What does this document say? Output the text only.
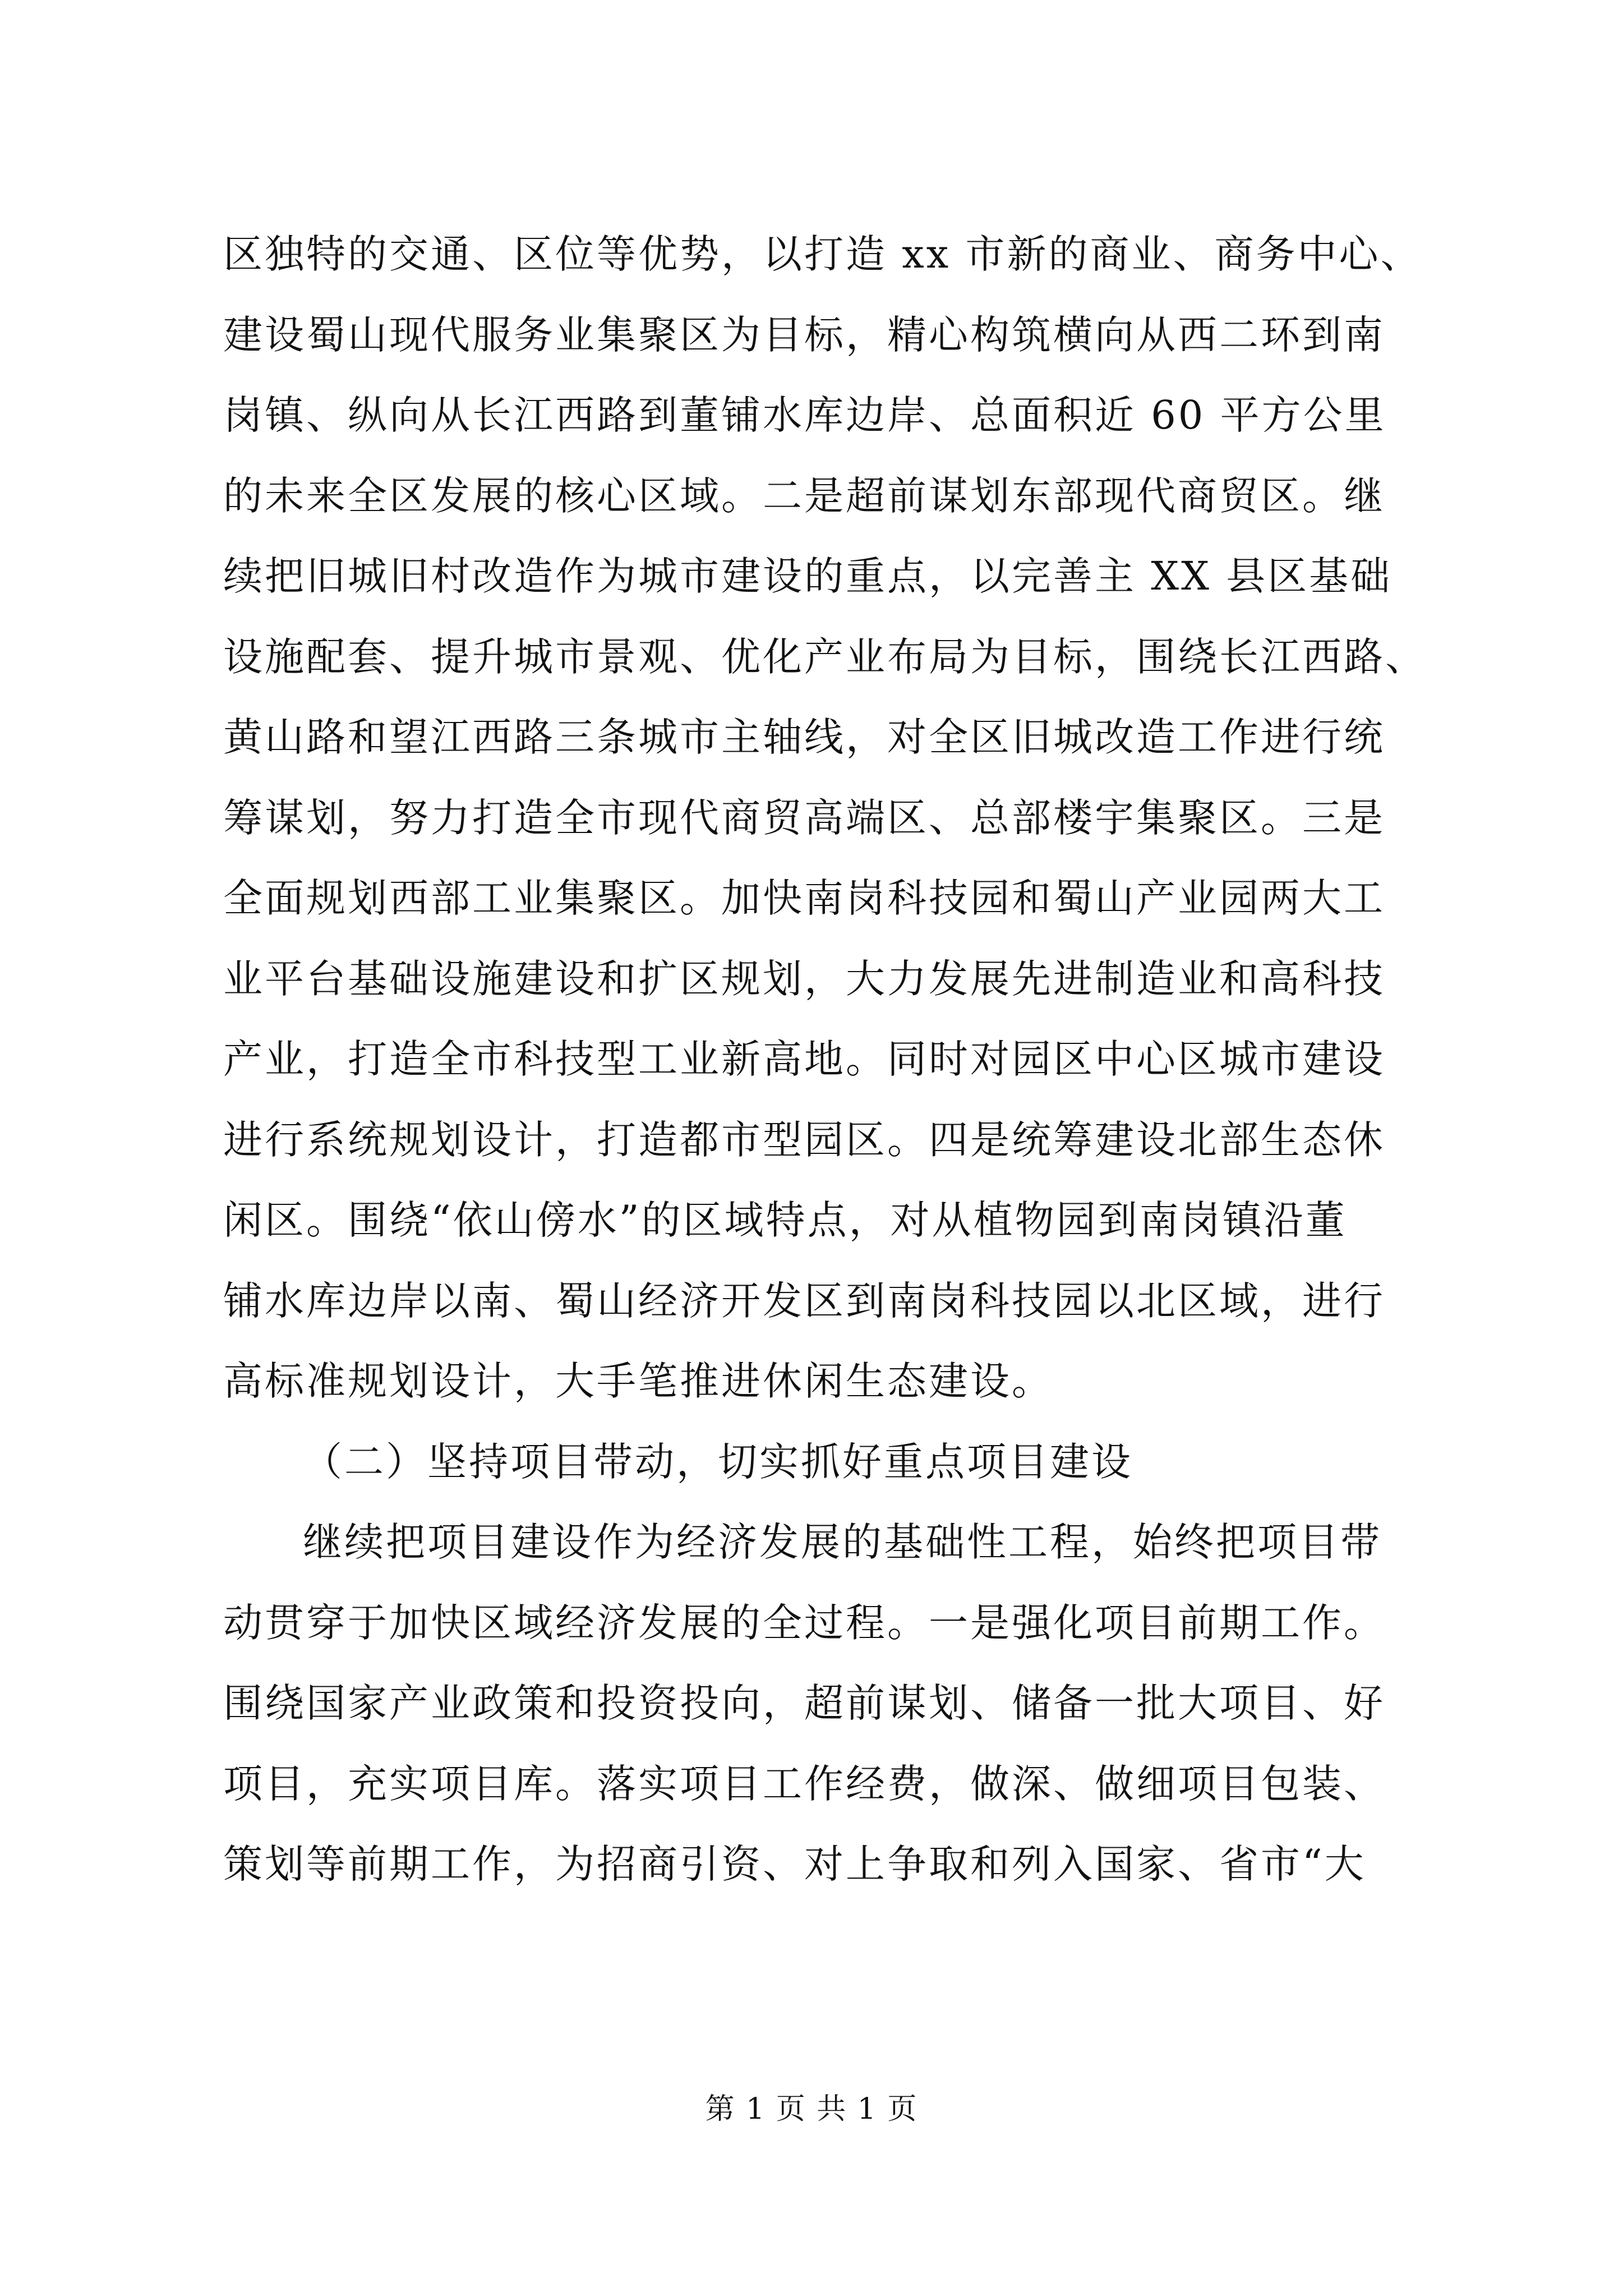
区独特的交通、区位等优势，以打造 xx 市新的商业、商务中心、
建设蜀山现代服务业集聚区为目标，精心构筑横向从西二环到南
岗镇、纵向从长江西路到董铺水库边岸、总面积近 60 平方公里
的未来全区发展的核心区域。二是超前谋划东部现代商贸区。继
续把旧城旧村改造作为城市建设的重点，以完善主 XX 县区基础
设施配套、提升城市景观、优化产业布局为目标，围绕长江西路、
黄山路和望江西路三条城市主轴线，对全区旧城改造工作进行统
筹谋划，努力打造全市现代商贸高端区、总部楼宇集聚区。三是
全面规划西部工业集聚区。加快南岗科技园和蜀山产业园两大工
业平台基础设施建设和扩区规划，大力发展先进制造业和高科技
产业，打造全市科技型工业新高地。同时对园区中心区城市建设
进行系统规划设计，打造都市型园区。四是统筹建设北部生态休
闲区。围绕“依山傍水”的区域特点，对从植物园到南岗镇沿董
铺水库边岸以南、蜀山经济开发区到南岗科技园以北区域，进行
高标准规划设计，大手笔推进休闲生态建设。
（二）坚持项目带动，切实抓好重点项目建设
继续把项目建设作为经济发展的基础性工程，始终把项目带
动贯穿于加快区域经济发展的全过程。一是强化项目前期工作。
围绕国家产业政策和投资投向，超前谋划、储备一批大项目、好
项目，充实项目库。落实项目工作经费，做深、做细项目包装、
策划等前期工作，为招商引资、对上争取和列入国家、省市“大
第 1 页 共 1 页
